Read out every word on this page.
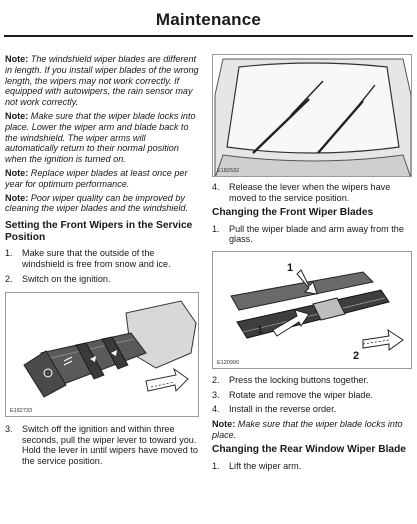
Maintenance

Note: The windshield wiper blades are different in length. If you install wiper blades of the wrong length, the wipers may not work correctly. If equipped with autowipers, the rain sensor may not work correctly.

Note: Make sure that the wiper blade locks into place. Lower the wiper arm and blade back to the windshield. The wiper arms will automatically return to their normal position when the ignition is turned on.

Note: Replace wiper blades at least once per year for optimum performance.

Note: Poor wiper quality can be improved by cleaning the wiper blades and the windshield.

Setting the Front Wipers in the Service Position
1. Make sure that the outside of the windshield is free from snow and ice.
2. Switch on the ignition.
E182733
3. Switch off the ignition and within three seconds, pull the wiper lever to toward you. Hold the lever in until wipers have moved to the service position.
E182532
4. Release the lever when the wipers have moved to the service position.
Changing the Front Wiper Blades
1. Pull the wiper blade and arm away from the glass.
1
1
2
E120990
2. Press the locking buttons together.
3. Rotate and remove the wiper blade.
4. Install in the reverse order.

Note: Make sure that the wiper blade locks into place.

Changing the Rear Window Wiper Blade
1. Lift the wiper arm.
